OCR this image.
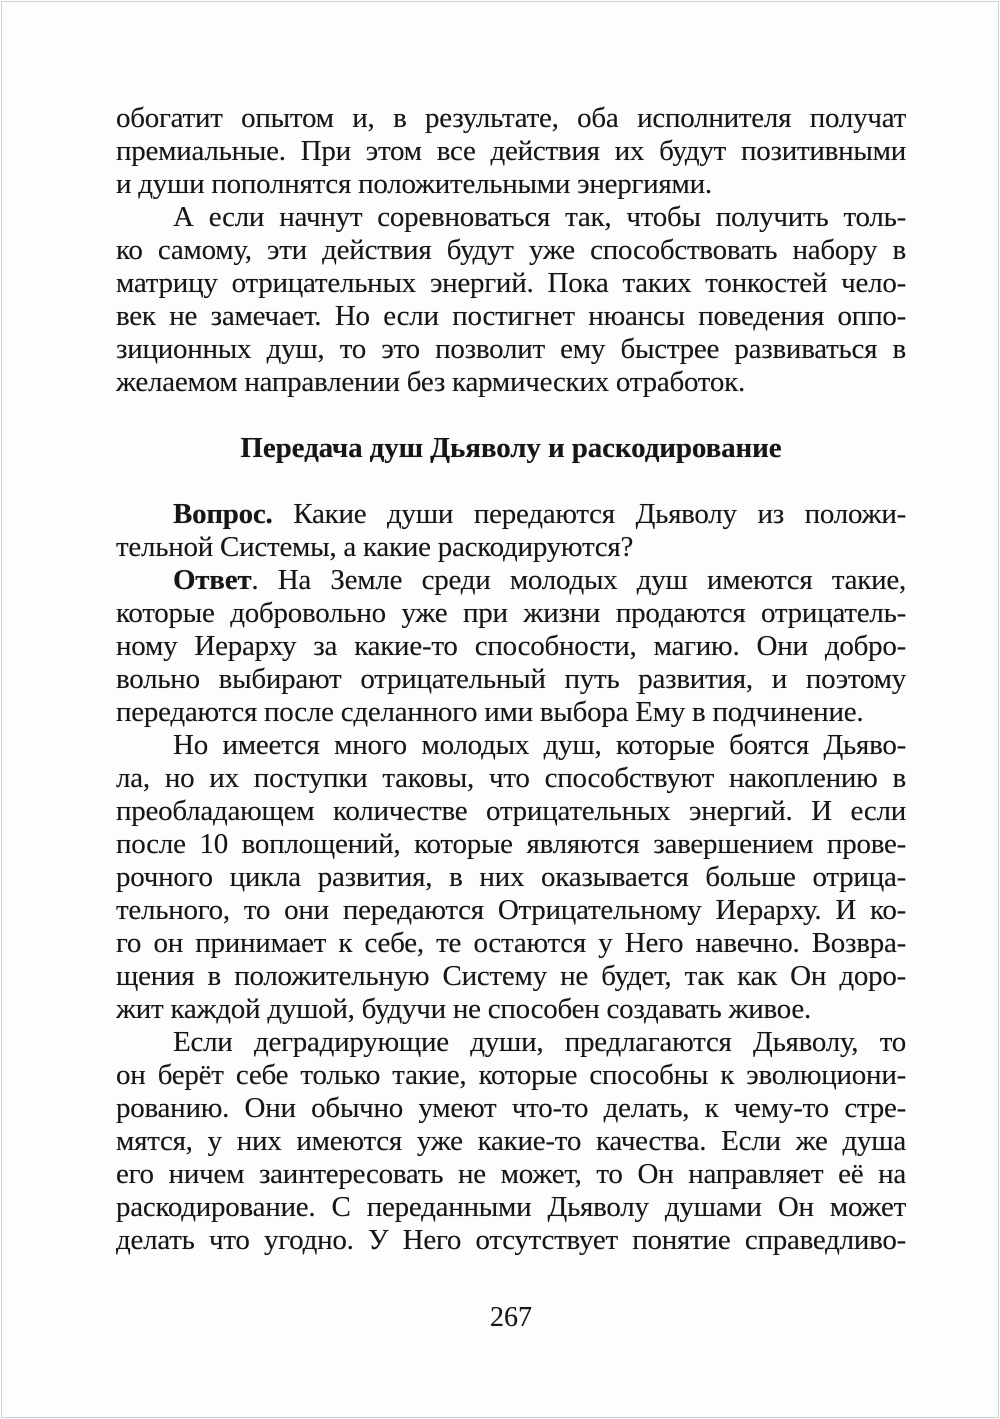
обогатит опытом и, в результате, оба исполнителя получат
премиальные. При этом все действия их будут позитивными
и души пополнятся положительными энергиями.
А если начнут соревноваться так, чтобы получить толь-
ко самому, эти действия будут уже способствовать набору в
матрицу отрицательных энергий. Пока таких тонкостей чело-
век не замечает. Но если постигнет нюансы поведения оппо-
зиционных душ, то это позволит ему быстрее развиваться в
желаемом направлении без кармических отработок.
Передача душ Дьяволу и раскодирование
Вопрос. Какие души передаются Дьяволу из положи-
тельной Системы, а какие раскодируются?
Ответ. На Земле среди молодых душ имеются такие,
которые добровольно уже при жизни продаются отрицатель-
ному Иерарху за какие-то способности, магию. Они добро-
вольно выбирают отрицательный путь развития, и поэтому
передаются после сделанного ими выбора Ему в подчинение.
Но имеется много молодых душ, которые боятся Дьяво-
ла, но их поступки таковы, что способствуют накоплению в
преобладающем количестве отрицательных энергий. И если
после 10 воплощений, которые являются завершением прове-
рочного цикла развития, в них оказывается больше отрица-
тельного, то они передаются Отрицательному Иерарху. И ко-
го он принимает к себе, те остаются у Него навечно. Возвра-
щения в положительную Систему не будет, так как Он доро-
жит каждой душой, будучи не способен создавать живое.
Если деградирующие души, предлагаются Дьяволу, то
он берёт себе только такие, которые способны к эволюциони-
рованию. Они обычно умеют что-то делать, к чему-то стре-
мятся, у них имеются уже какие-то качества. Если же душа
его ничем заинтересовать не может, то Он направляет её на
раскодирование. С переданными Дьяволу душами Он может
делать что угодно. У Него отсутствует понятие справедливо-
267
